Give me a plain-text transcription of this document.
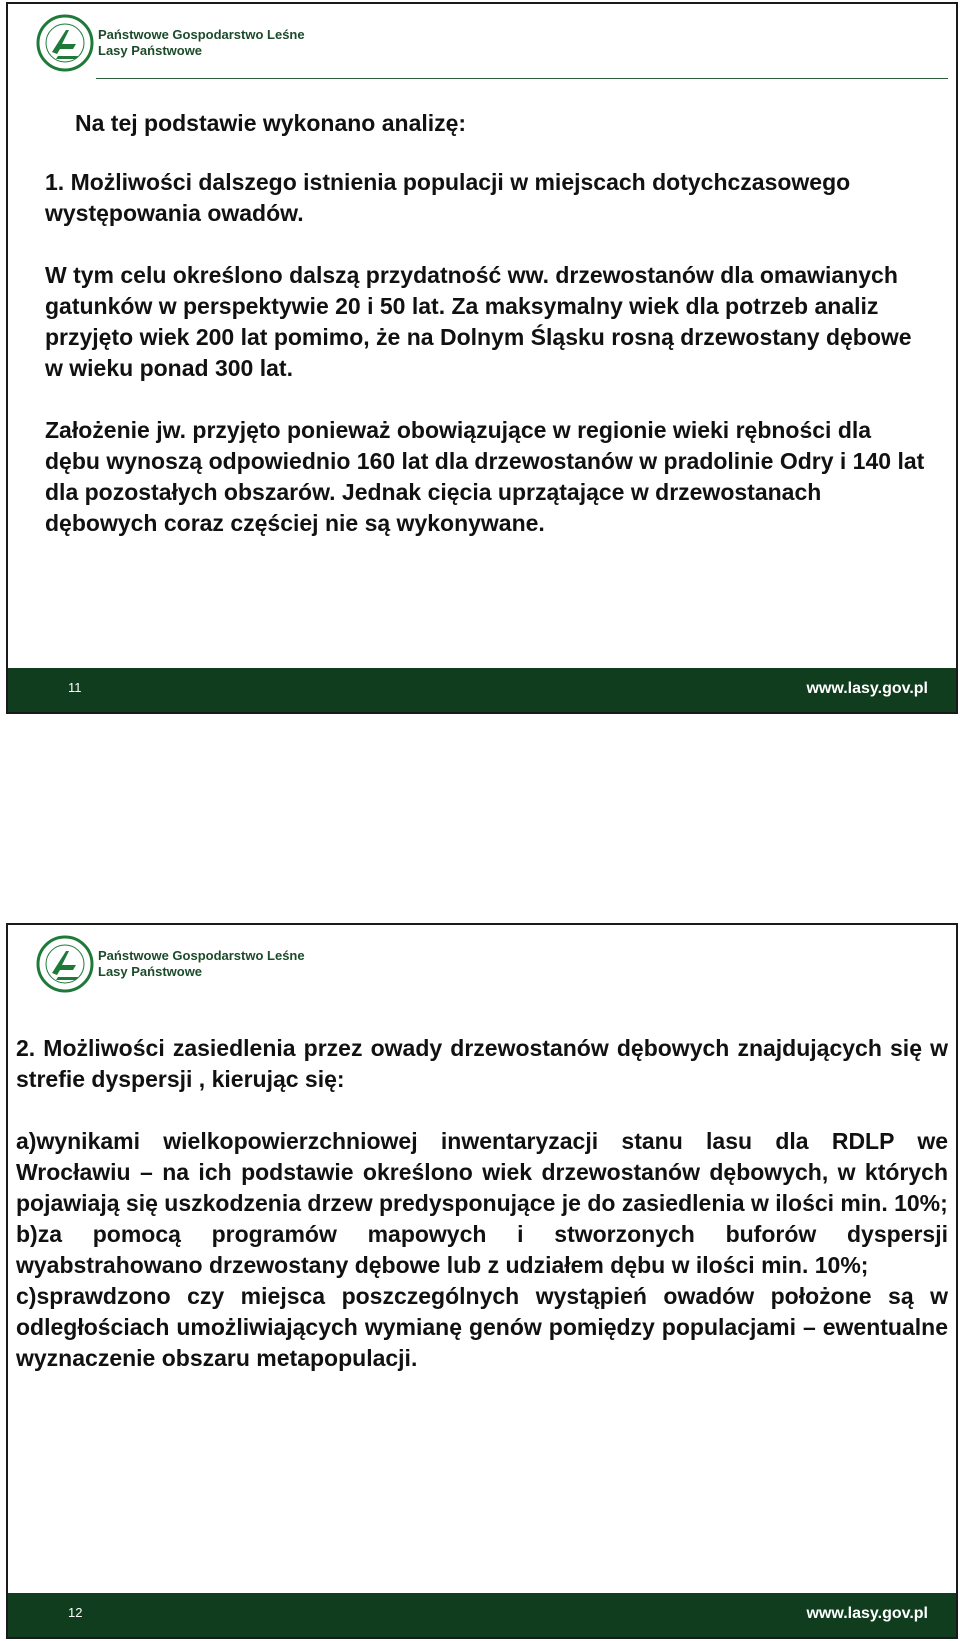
Państwowe Gospodarstwo Leśne
Lasy Państwowe
Na tej podstawie wykonano analizę:

1. Możliwości dalszego istnienia populacji w miejscach dotychczasowego występowania owadów.

W tym celu określono dalszą przydatność ww. drzewostanów dla omawianych gatunków w perspektywie 20 i 50 lat. Za maksymalny wiek dla potrzeb analiz przyjęto wiek 200 lat pomimo, że na Dolnym Śląsku rosną drzewostany dębowe w wieku ponad 300 lat.

Założenie jw. przyjęto ponieważ obowiązujące w regionie wieki rębności dla dębu wynoszą odpowiednio 160 lat dla drzewostanów w pradolinie Odry i 140 lat dla pozostałych obszarów. Jednak cięcia uprzątające w drzewostanach dębowych coraz częściej nie są wykonywane.

11	www.lasy.gov.pl
Państwowe Gospodarstwo Leśne
Lasy Państwowe

2. Możliwości zasiedlenia przez owady drzewostanów dębowych znajdujących się w strefie dyspersji , kierując się:

a)wynikami wielkopowierzchniowej inwentaryzacji stanu lasu dla RDLP we Wrocławiu – na ich podstawie określono wiek drzewostanów dębowych, w których pojawiają się uszkodzenia drzew predysponujące je do zasiedlenia w ilości min. 10%;

b)za pomocą programów mapowych i stworzonych buforów dyspersji wyabstrahowano drzewostany dębowe lub z udziałem dębu w ilości min. 10%;

c)sprawdzono czy miejsca poszczególnych wystąpień owadów położone są w odległościach umożliwiających wymianę genów pomiędzy populacjami – ewentualne wyznaczenie obszaru metapopulacji.

12	www.lasy.gov.pl
